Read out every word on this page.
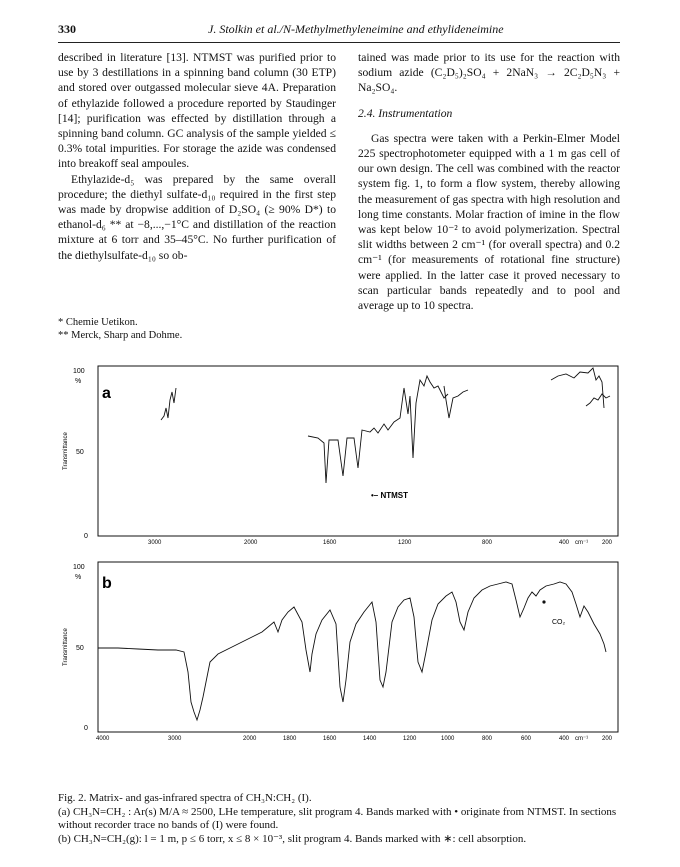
330	J. Stolkin et al./N-Methylmethyleneimine and ethylideneimine

described in literature [13]. NTMST was purified prior to use by 3 destillations in a spinning band column (30 ETP) and stored over outgassed molecular sieve 4A. Preparation of ethylazide followed a procedure reported by Staudinger [14]; purification was effected by distillation through a spinning band column. GC analysis of the sample yielded ≤ 0.3% total impurities. For storage the azide was condensed into breakoff seal ampoules.

Ethylazide-d₅ was prepared by the same overall procedure; the diethyl sulfate-d₁₀ required in the first step was made by dropwise addition of D₂SO₄ (≥ 90% D*) to ethanol-d₆ ** at −8,...,−1°C and distillation of the reaction mixture at 6 torr and 35–45°C. No further purification of the diethylsulfate-d₁₀ so ob-

* Chemie Uetikon.
** Merck, Sharp and Dohme.

tained was made prior to its use for the reaction with sodium azide (C₂D₅)₂SO₄ + 2NaN₃ → 2C₂D₅N₃ + Na₂SO₄.

2.4. Instrumentation

Gas spectra were taken with a Perkin-Elmer Model 225 spectrophotometer equipped with a 1 m gas cell of our own design. The cell was combined with the reactor system fig. 1, to form a flow system, thereby allowing the measurement of gas spectra with high resolution and long time constants. Molar fraction of imine in the flow was kept below 10⁻² to avoid polymerization. Spectral slit widths between 2 cm⁻¹ (for overall spectra) and 0.2 cm⁻¹ (for measurements of rotational fine structure) were applied. In the latter case it proved necessary to scan particular bands repeatedly and to pool and average up to 10 spectra.

a
100
%
50
0
Transmittance
•– NTMST
3000	2000	1600	1200	800	400 cm⁻¹ 200
b
100
%
50
0
Transmittance
CO₂
4000	3000	2000	1800	1600	1400	1200	1000	800	600	400 cm⁻¹ 200
Fig. 2. Matrix- and gas-infrared spectra of CH₃N:CH₂ (I).
(a) CH₃N=CH₂ : Ar(s) M/A ≈ 2500, LHe temperature, slit program 4. Bands marked with • originate from NTMST. In sections without recorder trace no bands of (I) were found.
(b) CH₃N=CH₂(g): l = 1 m, p ≤ 6 torr, x ≤ 8 × 10⁻³, slit program 4. Bands marked with ∗: cell absorption.
